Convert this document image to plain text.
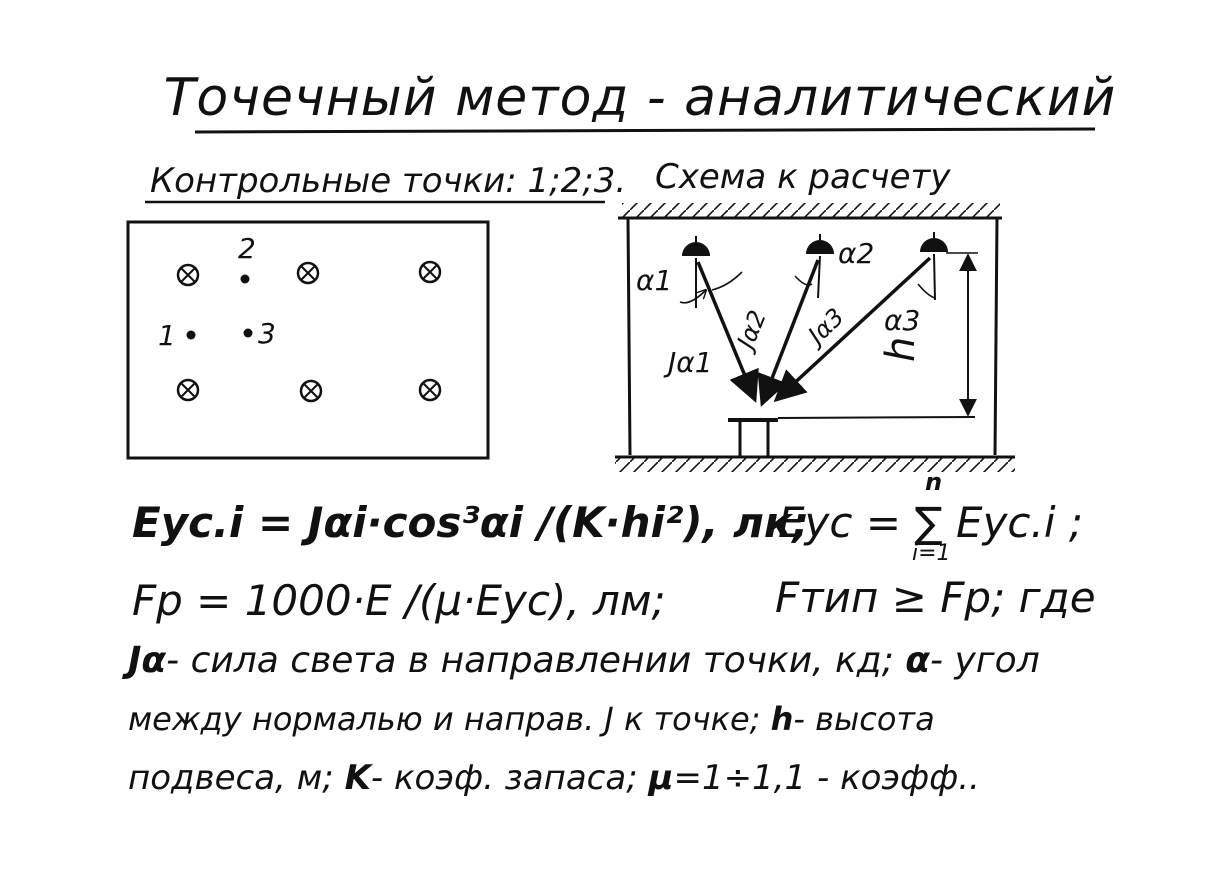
Точечный метод - аналитический
Контрольные точки: 1;2;3. Схема к расчету
1
2
3
α1
α2
α3
Jα1
Jα2 Jα3
h
Eyc.i = Jαi·cos³αi /(K·hi²), лк;
Eyc = ∑ Eyc.i ;
n
i=1
Fp = 1000·E /(μ·Eyc), лм;	Fтип ≥ Fp; где
Jα- сила света в направлении точки, кд; α- угол
между нормалью и направ. J к точке; h- высота
подвеса, м; K- коэф. запаса; μ=1÷1,1 - коэфф..
